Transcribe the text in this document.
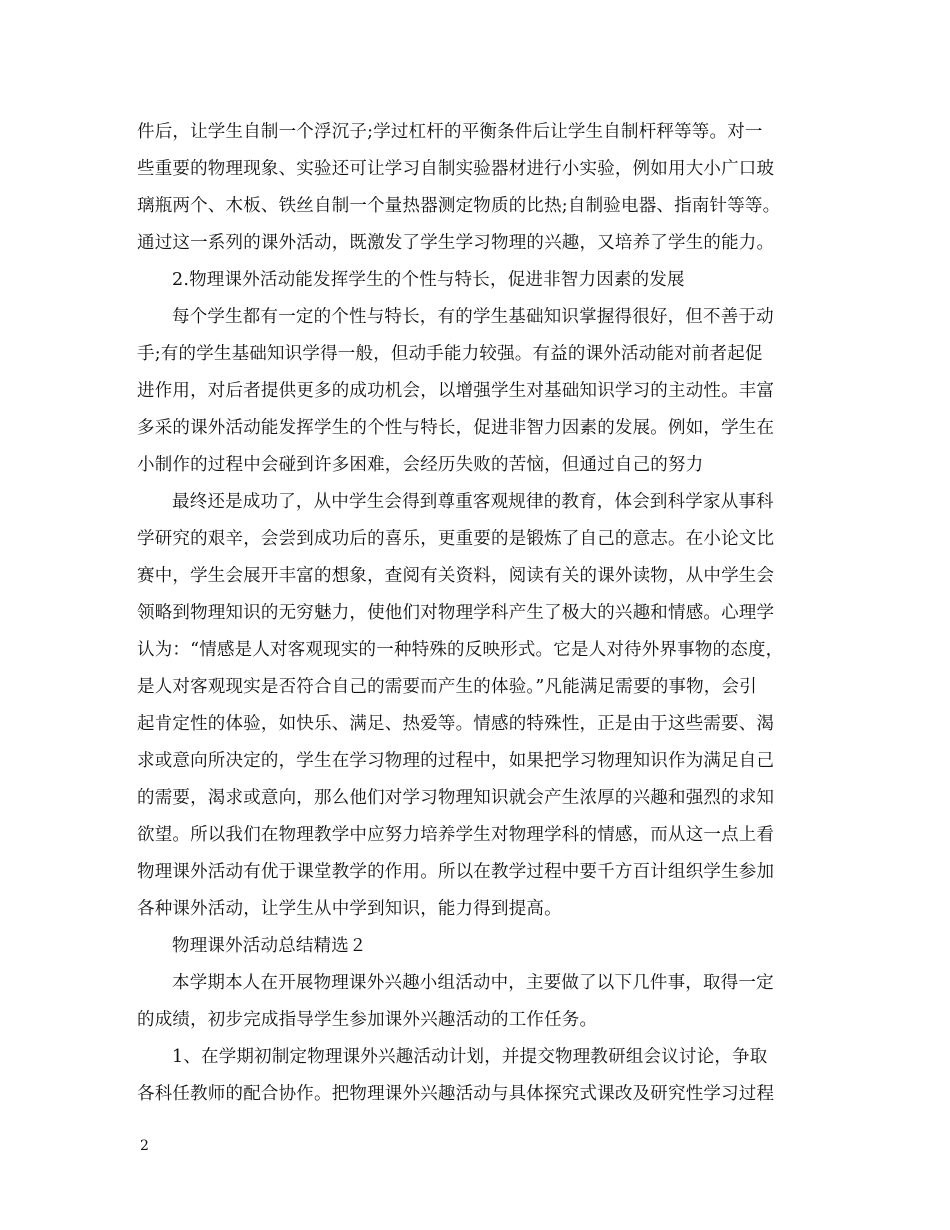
件后，让学生自制一个浮沉子;学过杠杆的平衡条件后让学生自制杆秤等等。对一
些重要的物理现象、实验还可让学习自制实验器材进行小实验，例如用大小广口玻
璃瓶两个、木板、铁丝自制一个量热器测定物质的比热;自制验电器、指南针等等。
通过这一系列的课外活动，既激发了学生学习物理的兴趣，又培养了学生的能力。
2.物理课外活动能发挥学生的个性与特长，促进非智力因素的发展
每个学生都有一定的个性与特长，有的学生基础知识掌握得很好，但不善于动
手;有的学生基础知识学得一般，但动手能力较强。有益的课外活动能对前者起促
进作用，对后者提供更多的成功机会，以增强学生对基础知识学习的主动性。丰富
多采的课外活动能发挥学生的个性与特长，促进非智力因素的发展。例如，学生在
小制作的过程中会碰到许多困难，会经历失败的苦恼，但通过自己的努力
最终还是成功了，从中学生会得到尊重客观规律的教育，体会到科学家从事科
学研究的艰辛，会尝到成功后的喜乐，更重要的是锻炼了自己的意志。在小论文比
赛中，学生会展开丰富的想象，查阅有关资料，阅读有关的课外读物，从中学生会
领略到物理知识的无穷魅力，使他们对物理学科产生了极大的兴趣和情感。心理学
认为：“情感是人对客观现实的一种特殊的反映形式。它是人对待外界事物的态度，
是人对客观现实是否符合自己的需要而产生的体验。”凡能满足需要的事物，会引
起肯定性的体验，如快乐、满足、热爱等。情感的特殊性，正是由于这些需要、渴
求或意向所决定的，学生在学习物理的过程中，如果把学习物理知识作为满足自己
的需要，渴求或意向，那么他们对学习物理知识就会产生浓厚的兴趣和强烈的求知
欲望。所以我们在物理教学中应努力培养学生对物理学科的情感，而从这一点上看
物理课外活动有优于课堂教学的作用。所以在教学过程中要千方百计组织学生参加
各种课外活动，让学生从中学到知识，能力得到提高。
物理课外活动总结精选２
本学期本人在开展物理课外兴趣小组活动中，主要做了以下几件事，取得一定
的成绩，初步完成指导学生参加课外兴趣活动的工作任务。
1、在学期初制定物理课外兴趣活动计划，并提交物理教研组会议讨论，争取
各科任教师的配合协作。把物理课外兴趣活动与具体探究式课改及研究性学习过程
2
